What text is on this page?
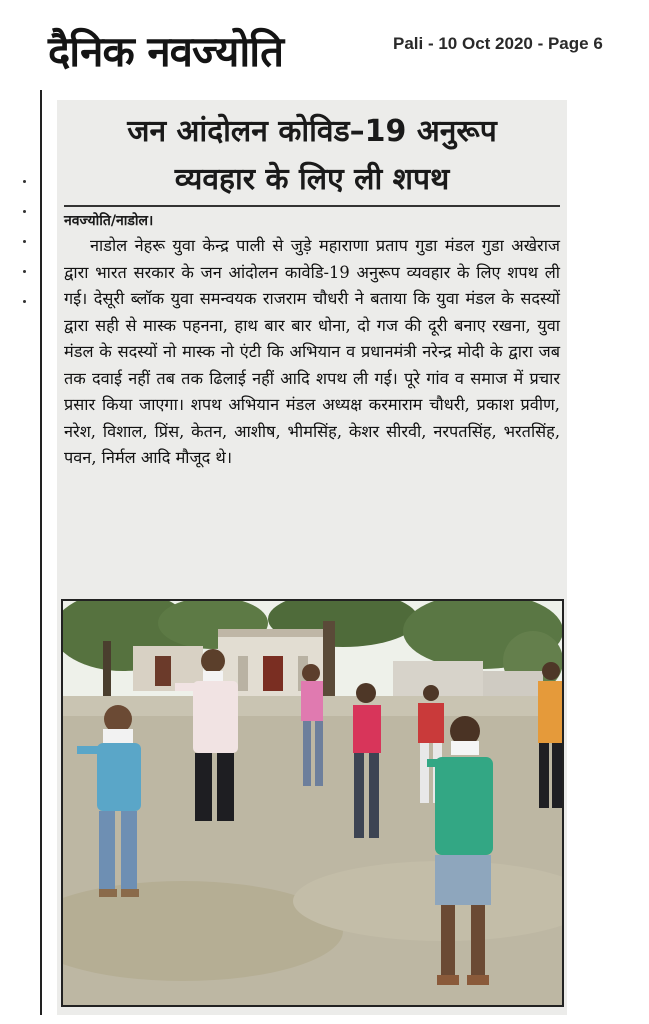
दैनिक नवज्योति	Pali - 10 Oct 2020 - Page 6
जन आंदोलन कोविड–19 अनुरूप
व्यवहार के लिए ली शपथ
नवज्योति/नाडोल।

नाडोल नेहरू युवा केन्द्र पाली से जुड़े महाराणा प्रताप गुडा मंडल गुडा अखेराज द्वारा भारत सरकार के जन आंदोलन कावेडि-19 अनुरूप व्यवहार के लिए शपथ ली गई। देसूरी ब्लॉक युवा समन्वयक राजराम चौधरी ने बताया कि युवा मंडल के सदस्यों द्वारा सही से मास्क पहनना, हाथ बार बार धोना, दो गज की दूरी बनाए रखना, युवा मंडल के सदस्यों नो मास्क नो एंटी कि अभियान व प्रधानमंत्री नरेन्द्र मोदी के द्वारा जब तक दवाई नहीं तब तक ढिलाई नहीं आदि शपथ ली गई। पूरे गांव व समाज में प्रचार प्रसार किया जाएगा। शपथ अभियान मंडल अध्यक्ष करमाराम चौधरी, प्रकाश प्रवीण, नरेश, विशाल, प्रिंस, केतन, आशीष, भीमसिंह, केशर सीरवी, नरपतसिंह, भरतसिंह, पवन, निर्मल आदि मौजूद थे।
